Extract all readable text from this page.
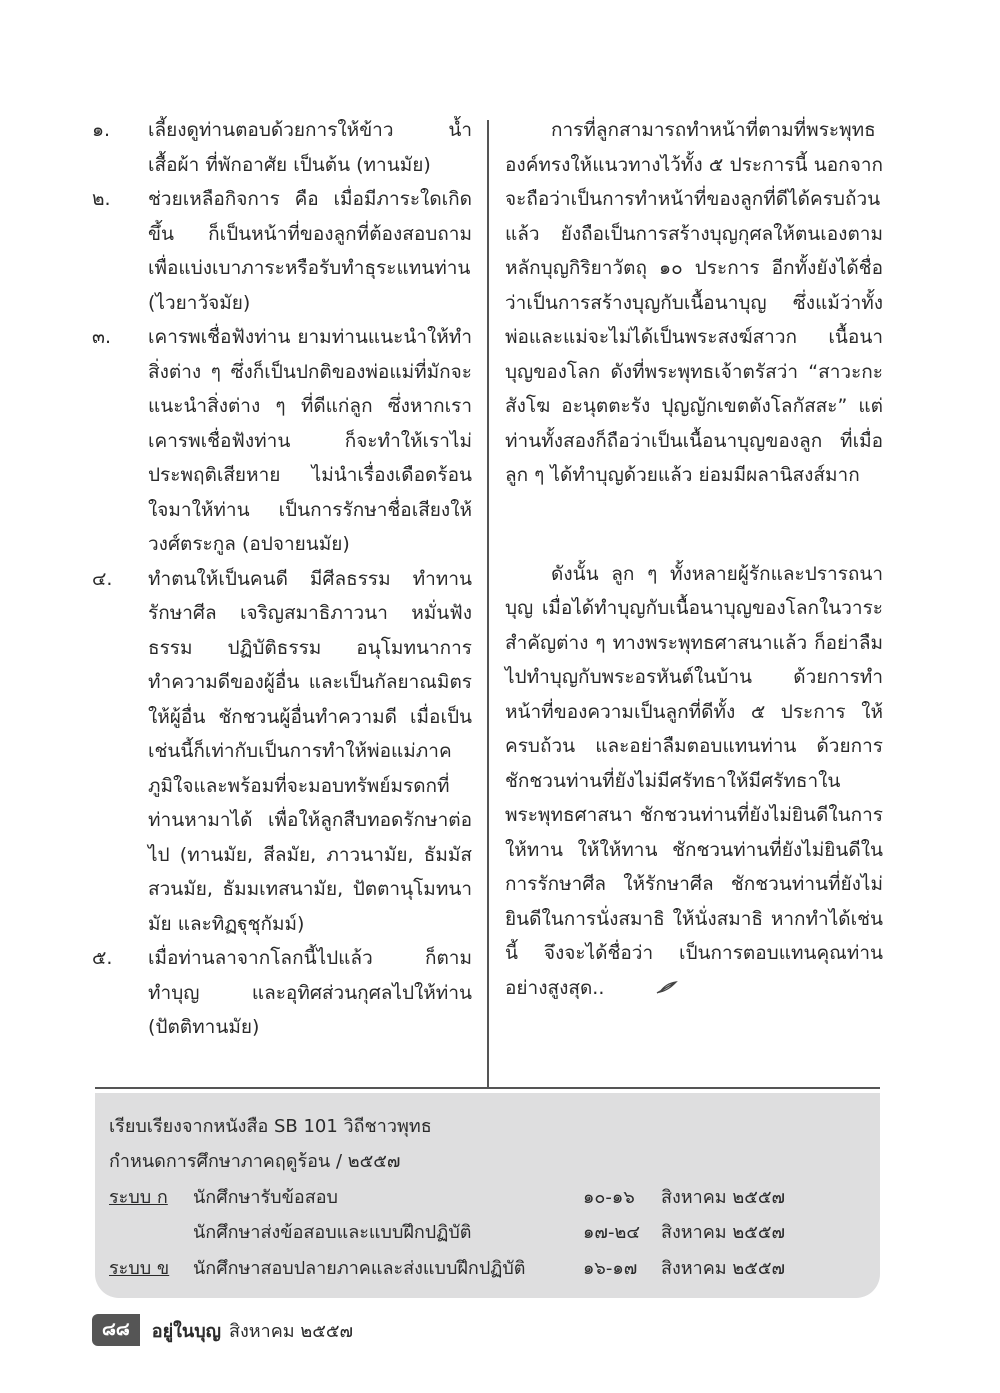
๑.	เลี้ยงดูท่านตอบด้วยการให้ข้าว น้ำ เสื้อผ้า ที่พักอาศัย เป็นต้น (ทานมัย)
๒.	ช่วยเหลือกิจการ คือ เมื่อมีภาระใดเกิดขึ้น ก็เป็นหน้าที่ของลูกที่ต้องสอบถามเพื่อแบ่งเบาภาระหรือรับทำธุระแทนท่าน (ไวยาวัจมัย)
๓.	เคารพเชื่อฟังท่าน ยามท่านแนะนำให้ทำสิ่งต่าง ๆ ซึ่งก็เป็นปกติของพ่อแม่ที่มักจะแนะนำสิ่งต่าง ๆ ที่ดีแก่ลูก ซึ่งหากเราเคารพเชื่อฟังท่าน ก็จะทำให้เราไม่ประพฤติเสียหาย ไม่นำเรื่องเดือดร้อนใจมาให้ท่าน เป็นการรักษาชื่อเสียงให้วงศ์ตระกูล (อปจายนมัย)
๔.	ทำตนให้เป็นคนดี มีศีลธรรม ทำทาน รักษาศีล เจริญสมาธิภาวนา หมั่นฟังธรรม ปฏิบัติธรรม อนุโมทนาการทำความดีของผู้อื่น และเป็นกัลยาณมิตรให้ผู้อื่น ชักชวนผู้อื่นทำความดี เมื่อเป็นเช่นนี้ก็เท่ากับเป็นการทำให้พ่อแม่ภาคภูมิใจและพร้อมที่จะมอบทรัพย์มรดกที่ท่านหามาได้ เพื่อให้ลูกสืบทอดรักษาต่อไป (ทานมัย, สีลมัย, ภาวนามัย, ธัมมัสสวนมัย, ธัมมเทสนามัย, ปัตตานุโมทนามัย และทิฏฐุชุกัมม์)
๕.	เมื่อท่านลาจากโลกนี้ไปแล้ว ก็ตามทำบุญ และอุทิศส่วนกุศลไปให้ท่าน (ปัตติทานมัย)

การที่ลูกสามารถทำหน้าที่ตามที่พระพุทธองค์ทรงให้แนวทางไว้ทั้ง ๕ ประการนี้ นอกจากจะถือว่าเป็นการทำหน้าที่ของลูกที่ดีได้ครบถ้วนแล้ว ยังถือเป็นการสร้างบุญกุศลให้ตนเองตามหลักบุญกิริยาวัตถุ ๑๐ ประการ อีกทั้งยังได้ชื่อว่าเป็นการสร้างบุญกับเนื้อนาบุญ ซึ่งแม้ว่าทั้งพ่อและแม่จะไม่ได้เป็นพระสงฆ์สาวก เนื้อนาบุญของโลก ดังที่พระพุทธเจ้าตรัสว่า “สาวะกะสังโฆ อะนุตตะรัง ปุญญักเขตตังโลกัสสะ” แต่ท่านทั้งสองก็ถือว่าเป็นเนื้อนาบุญของลูก ที่เมื่อลูก ๆ ได้ทำบุญด้วยแล้ว ย่อมมีผลานิสงส์มาก

ดังนั้น ลูก ๆ ทั้งหลายผู้รักและปรารถนาบุญ เมื่อได้ทำบุญกับเนื้อนาบุญของโลกในวาระสำคัญต่าง ๆ ทางพระพุทธศาสนาแล้ว ก็อย่าลืมไปทำบุญกับพระอรหันต์ในบ้าน ด้วยการทำหน้าที่ของความเป็นลูกที่ดีทั้ง ๕ ประการ ให้ครบถ้วน และอย่าลืมตอบแทนท่าน ด้วยการชักชวนท่านที่ยังไม่มีศรัทธาให้มีศรัทธาในพระพุทธศาสนา ชักชวนท่านที่ยังไม่ยินดีในการให้ทาน ให้ให้ทาน ชักชวนท่านที่ยังไม่ยินดีในการรักษาศีล ให้รักษาศีล ชักชวนท่านที่ยังไม่ยินดีในการนั่งสมาธิ ให้นั่งสมาธิ หากทำได้เช่นนี้ จึงจะได้ชื่อว่า เป็นการตอบแทนคุณท่านอย่างสูงสุด..

เรียบเรียงจากหนังสือ SB 101 วิถีชาวพุทธ
กำหนดการศึกษาภาคฤดูร้อน / ๒๕๕๗
ระบบ ก นักศึกษารับข้อสอบ	๑๐-๑๖ สิงหาคม ๒๕๕๗
นักศึกษาส่งข้อสอบและแบบฝึกปฏิบัติ	๑๗-๒๔ สิงหาคม ๒๕๕๗
ระบบ ข นักศึกษาสอบปลายภาคและส่งแบบฝึกปฏิบัติ	๑๖-๑๗ สิงหาคม ๒๕๕๗
๘๘	อยู่ในบุญ สิงหาคม ๒๕๕๗
